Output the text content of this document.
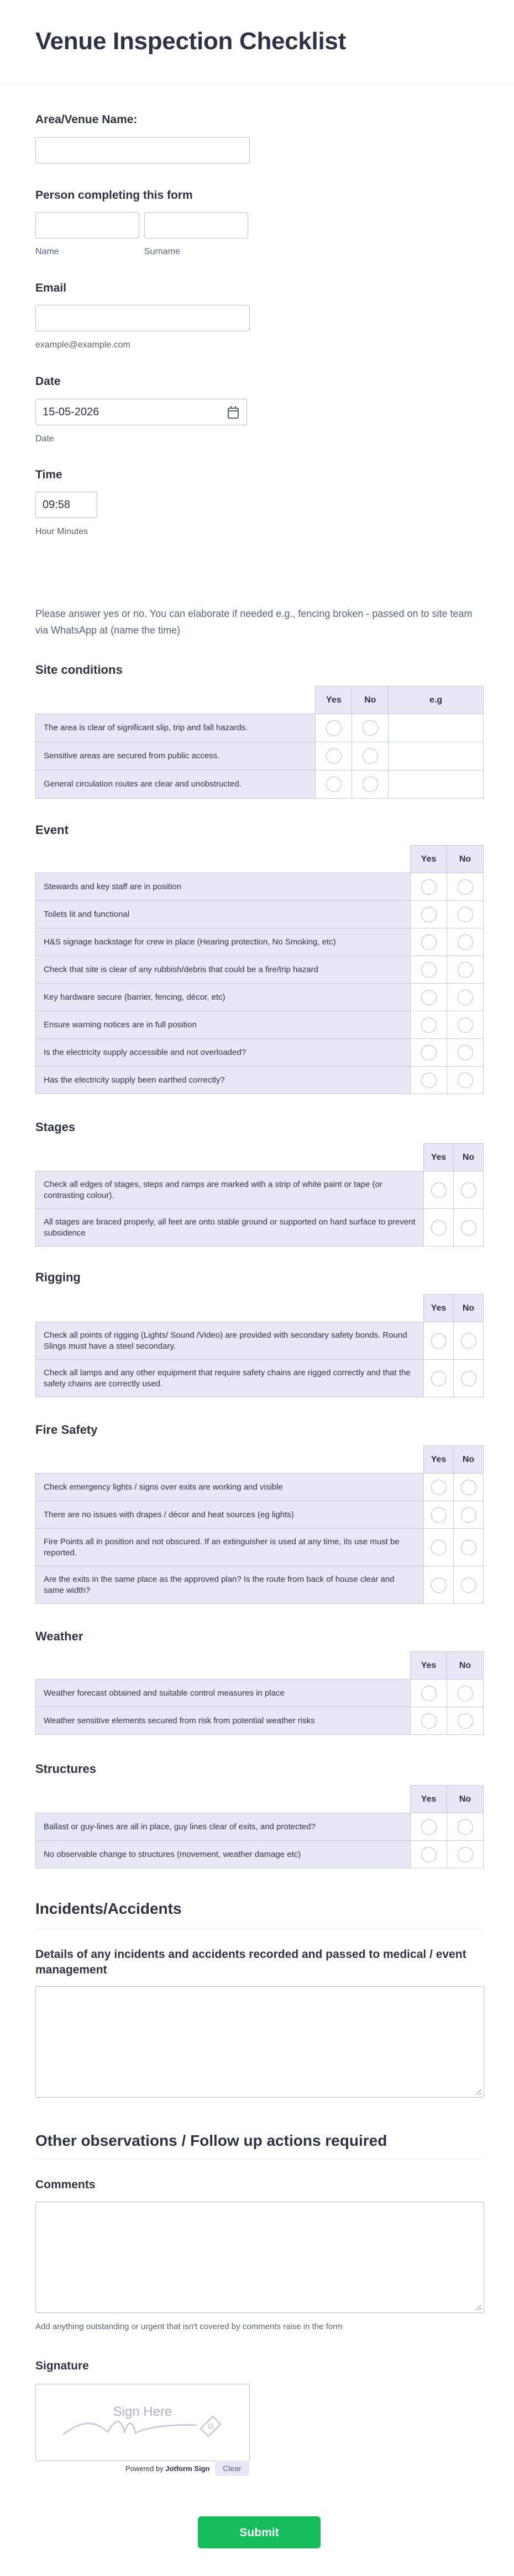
Venue Inspection Checklist
Area/Venue Name:
Person completing this form
Name	Surname
Email
example@example.com
Date
15-05-2026
Date
Time
09:58
Hour Minutes
Please answer yes or no. You can elaborate if needed e.g., fencing broken - passed on to site team via WhatsApp at (name the time)
Site conditions
	Yes	No	e.g
The area is clear of significant slip, trip and fall hazards.			
Sensitive areas are secured from public access.			
General circulation routes are clear and unobstructed.			
Event
	Yes	No
Stewards and key staff are in position		
Toilets lit and functional		
H&S signage backstage for crew in place (Hearing protection, No Smoking, etc)		
Check that site is clear of any rubbish/debris that could be a fire/trip hazard		
Key hardware secure (barrier, fencing, décor, etc)		
Ensure warning notices are in full position		
Is the electricity supply accessible and not overloaded?		
Has the electricity supply been earthed correctly?		
Stages
	Yes	No
Check all edges of stages, steps and ramps are marked with a strip of white paint or tape (or contrasting colour).		
All stages are braced properly, all feet are onto stable ground or supported on hard surface to prevent subsidence		
Rigging
	Yes	No
Check all points of rigging (Lights/ Sound /Video) are provided with secondary safety bonds. Round Slings must have a steel secondary.		
Check all lamps and any other equipment that require safety chains are rigged correctly and that the safety chains are correctly used.		
Fire Safety
	Yes	No
Check emergency lights / signs over exits are working and visible		
There are no issues with drapes / décor and heat sources (eg lights)		
Fire Points all in position and not obscured. If an extinguisher is used at any time, its use must be reported.		
Are the exits in the same place as the approved plan? Is the route from back of house clear and same width?		
Weather
	Yes	No
Weather forecast obtained and suitable control measures in place		
Weather sensitive elements secured from risk from potential weather risks		
Structures
	Yes	No
Ballast or guy-lines are all in place, guy lines clear of exits, and protected?		
No observable change to structures (movement, weather damage etc)		
Incidents/Accidents
Details of any incidents and accidents recorded and passed to medical / event management
Other observations / Follow up actions required
Comments
Add anything outstanding or urgent that isn't covered by comments raise in the form
Signature
Sign Here
Powered by Jotform Sign	Clear
Submit
